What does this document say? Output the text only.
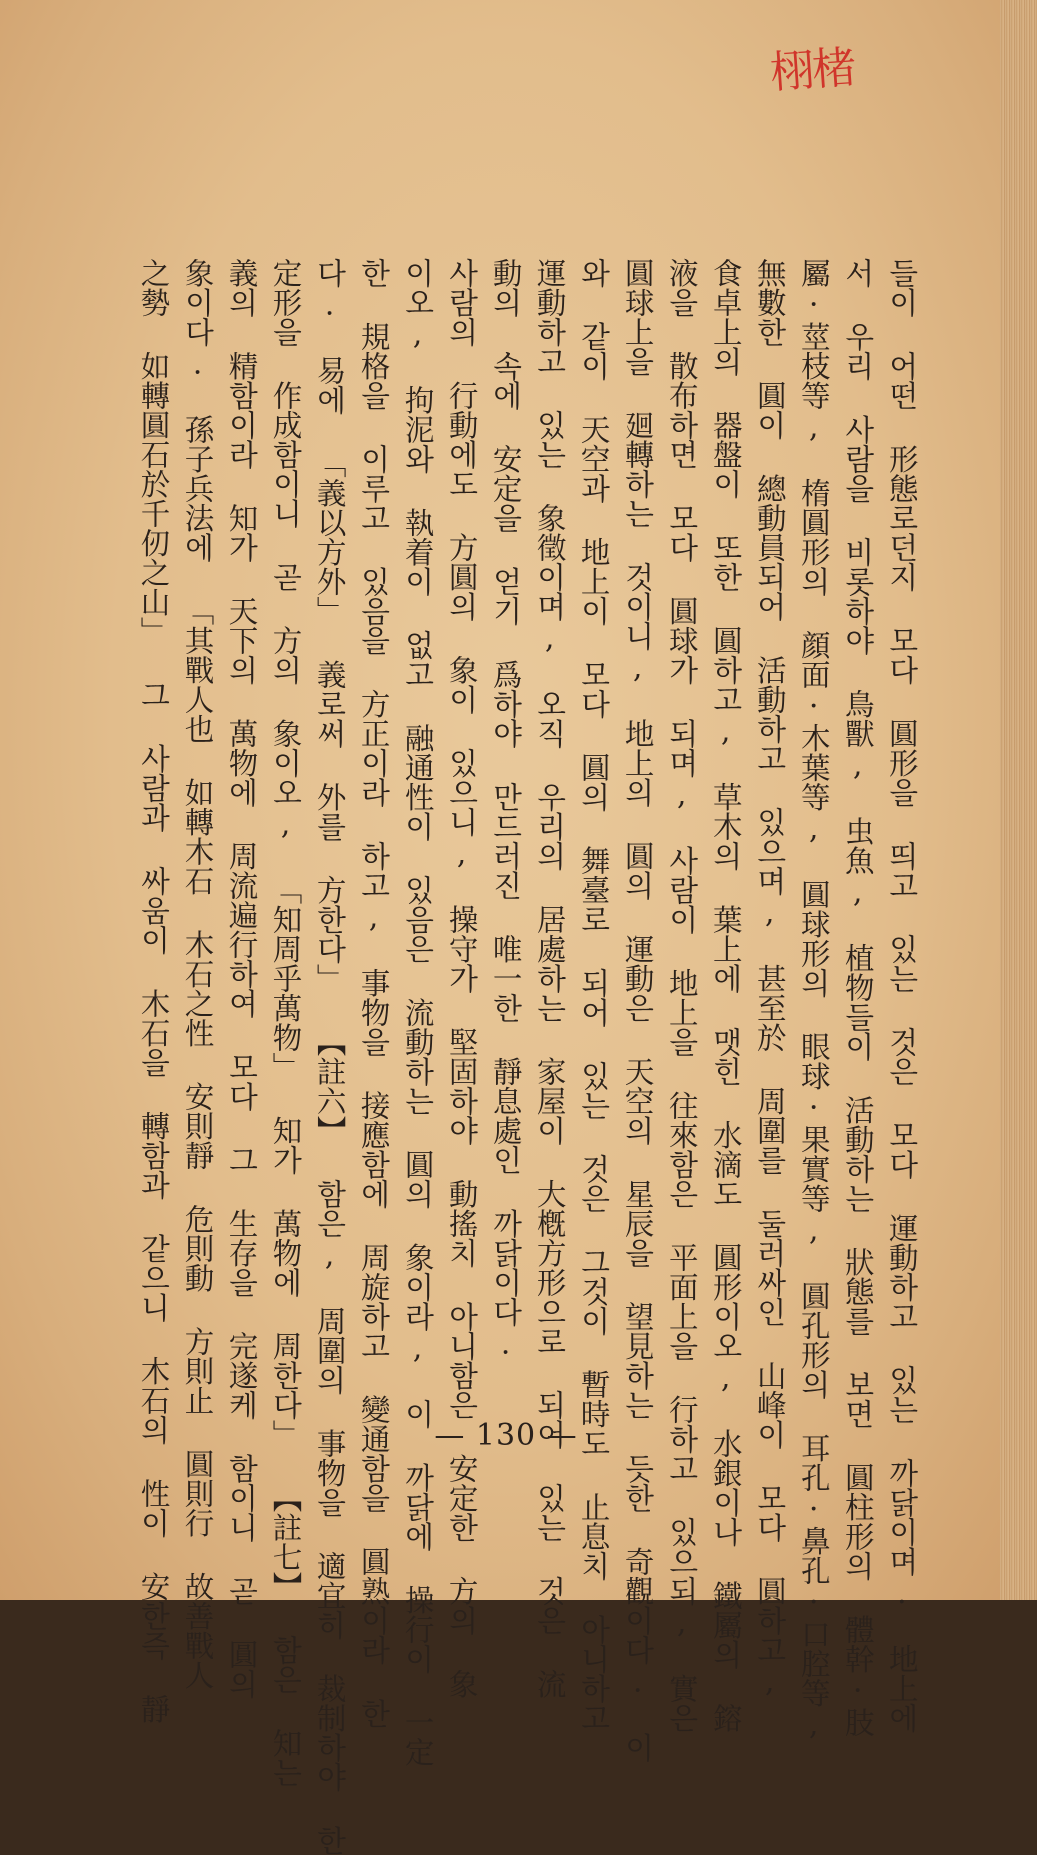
栩楮
들이 어떤 形態로던지 모다 圓形을 띄고 있는 것은 모다 運動하고 있는 까닭이며. 地上에
서 우리 사람을 비롯하야 鳥獸, 虫魚, 植物들이 活動하는 狀態를 보면 圓柱形의 體幹·肢
屬·莖枝等, 楕圓形의 顔面·木葉等, 圓球形의 眼球·果實等, 圓孔形의 耳孔·鼻孔·口腔等,
無數한 圓이 總動員되어 活動하고 있으며, 甚至於 周圍를 둘러싸인 山峰이 모다 圓하고,
食卓上의 器盤이 또한 圓하고, 草木의 葉上에 맷힌 水滴도 圓形이오, 水銀이나 鐵屬의 鎔
液을 散布하면 모다 圓球가 되며, 사람이 地上을 往來함은 平面上을 行하고 있으되, 實은
圓球上을 廻轉하는 것이니, 地上의 圓의 運動은 天空의 星辰을 望見하는 듯한 奇觀이다. 이
와 같이 天空과 地上이 모다 圓의 舞臺로 되어 있는 것은 그것이 暫時도 止息치 아니하고
運動하고 있는 象徵이며, 오직 우리의 居處하는 家屋이 大槪方形으로 되어 있는 것은 流
動의 속에 安定을 얻기 爲하야 만드러진 唯一한 靜息處인 까닭이다.
사람의 行動에도 方圓의 象이 있으니, 操守가 堅固하야 動搖치 아니함은 安定한 方의 象
이오, 拘泥와 執着이 없고 融通性이 있음은 流動하는 圓의 象이라, 이 까닭에 操行이 一定
한 規格을 이루고 있음을 方正이라 하고, 事物을 接應함에 周旋하고 變通함을 圓熟이라 한
다. 易에 「義以方外」 義로써 外를 方한다」 【註六】 함은, 周圍의 事物을 適宜히 裁制하야 한
定形을 作成함이니 곧 方의 象이오, 「知周乎萬物」 知가 萬物에 周한다」 【註七】 함은 知는
義의 精함이라 知가 天下의 萬物에 周流遍行하여 모다 그 生存을 完遂케 함이니 곧 圓의
象이다. 孫子兵法에 「其戰人也 如轉木石 木石之性 安則靜 危則動 方則止 圓則行 故善戰人
之勢 如轉圓石於千仞之山」 그 사람과 싸움이 木石을 轉함과 같으니 木石의 性이 安한즉 靜	— 130 —
